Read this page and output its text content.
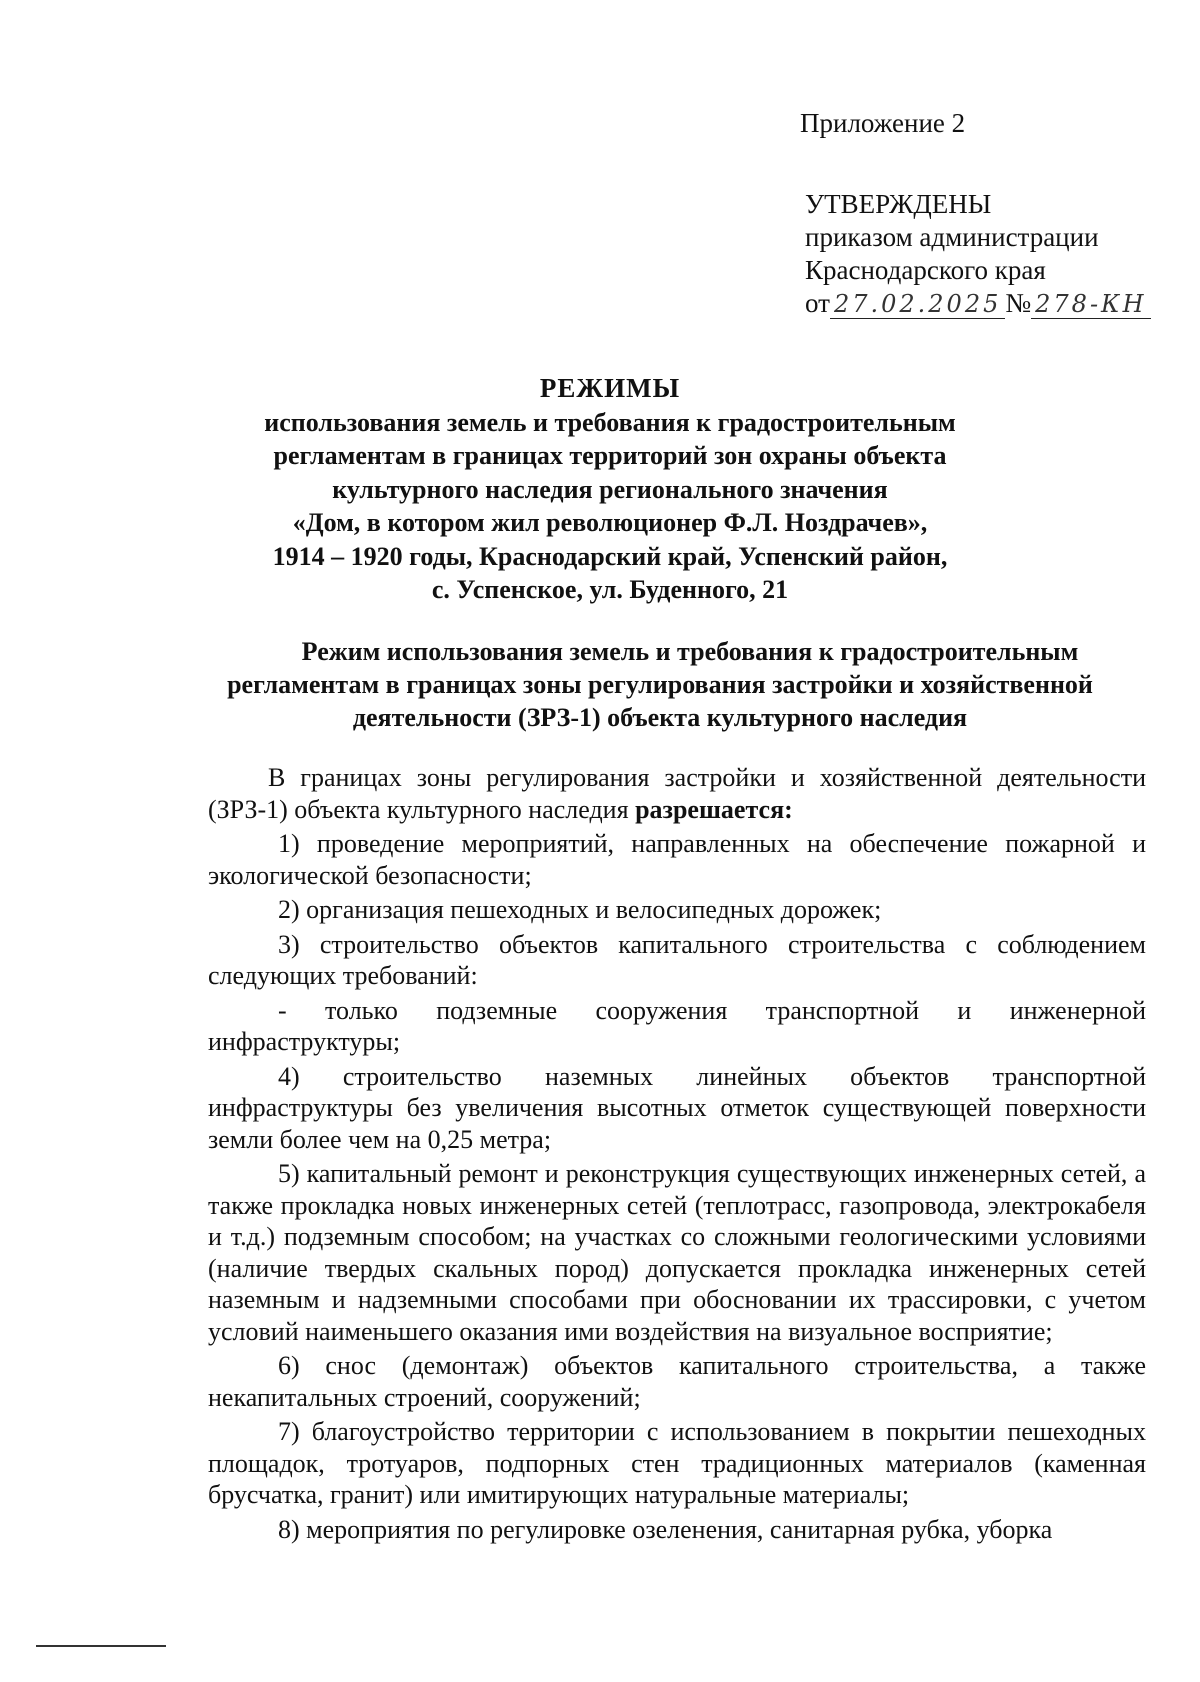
Приложение 2
УТВЕРЖДЕНЫ
приказом администрации
Краснодарского края
от 27.02.2025 № 278-КН
РЕЖИМЫ
использования земель и требования к градостроительным
регламентам в границах территорий зон охраны объекта
культурного наследия регионального значения
«Дом, в котором жил революционер Ф.Л. Ноздрачев»,
1914 – 1920 годы, Краснодарский край, Успенский район,
с. Успенское, ул. Буденного, 21
Режим использования земель и требования к градостроительным
регламентам в границах зоны регулирования застройки и хозяйственной
деятельности (ЗРЗ-1) объекта культурного наследия

В границах зоны регулирования застройки и хозяйственной деятельности (ЗРЗ-1) объекта культурного наследия разрешается:

1) проведение мероприятий, направленных на обеспечение пожарной и экологической безопасности;

2) организация пешеходных и велосипедных дорожек;

3) строительство объектов капитального строительства с соблюдением следующих требований:

- только подземные сооружения транспортной и инженерной инфраструктуры;

4) строительство наземных линейных объектов транспортной инфраструктуры без увеличения высотных отметок существующей поверхности земли более чем на 0,25 метра;

5) капитальный ремонт и реконструкция существующих инженерных сетей, а также прокладка новых инженерных сетей (теплотрасс, газопровода, электрокабеля и т.д.) подземным способом; на участках со сложными геологическими условиями (наличие твердых скальных пород) допускается прокладка инженерных сетей наземным и надземными способами при обосновании их трассировки, с учетом условий наименьшего оказания ими воздействия на визуальное восприятие;

6) снос (демонтаж) объектов капитального строительства, а также некапитальных строений, сооружений;

7) благоустройство территории с использованием в покрытии пешеходных площадок, тротуаров, подпорных стен традиционных материалов (каменная брусчатка, гранит) или имитирующих натуральные материалы;

8) мероприятия по регулировке озеленения, санитарная рубка, уборка
